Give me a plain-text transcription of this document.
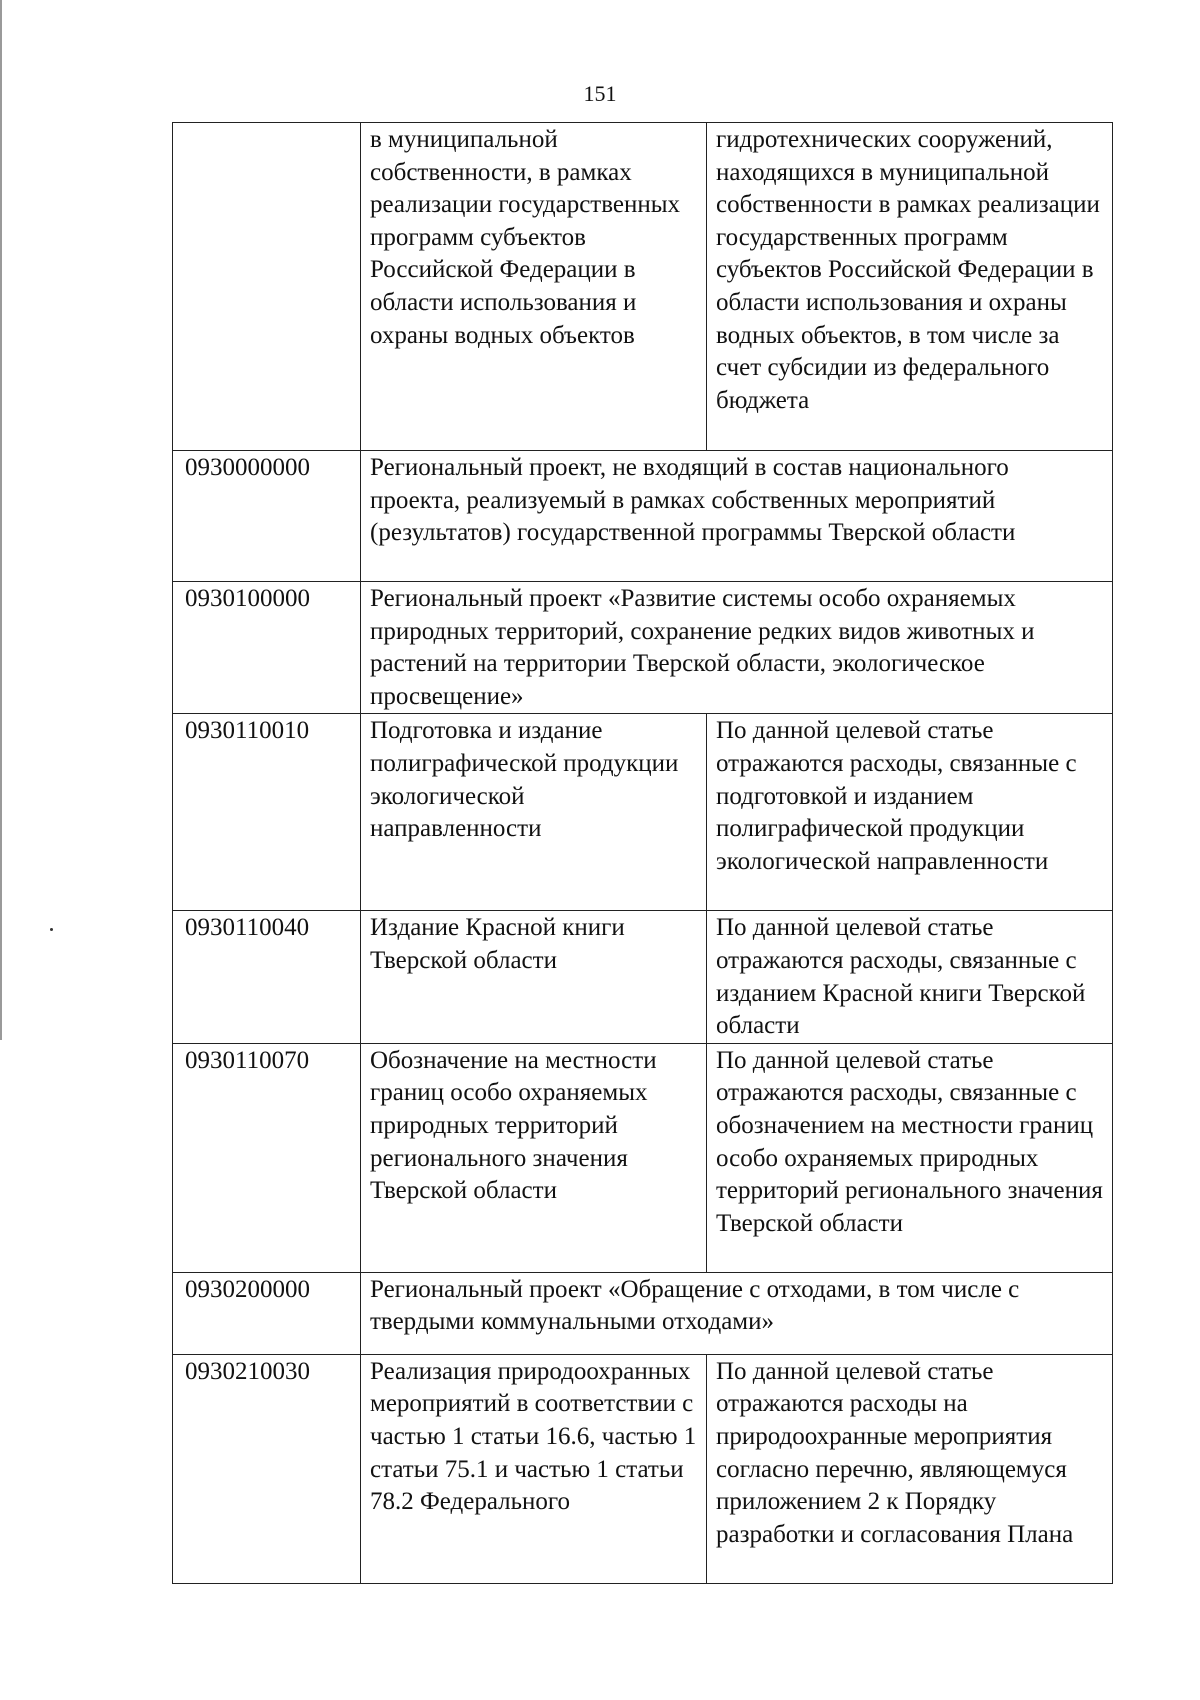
151
	в муниципальной собственности, в рамках реализации государственных программ субъектов Российской Федерации в области использования и охраны водных объектов	гидротехнических сооружений, находящихся в муниципальной собственности в рамках реализации государственных программ субъектов Российской Федерации в области использования и охраны водных объектов, в том числе за счет субсидии из федерального бюджета
0930000000	Региональный проект, не входящий в состав национального проекта, реализуемый в рамках собственных мероприятий (результатов) государственной программы Тверской области	
0930100000	Региональный проект «Развитие системы особо охраняемых природных территорий, сохранение редких видов животных и растений на территории Тверской области, экологическое просвещение»	
0930110010	Подготовка и издание полиграфической продукции экологической направленности	По данной целевой статье отражаются расходы, связанные с подготовкой и изданием полиграфической продукции экологической направленности
0930110040	Издание Красной книги Тверской области	По данной целевой статье отражаются расходы, связанные с изданием Красной книги Тверской области
0930110070	Обозначение на местности границ особо охраняемых природных территорий регионального значения Тверской области	По данной целевой статье отражаются расходы, связанные с обозначением на местности границ особо охраняемых природных территорий регионального значения Тверской области
0930200000	Региональный проект «Обращение с отходами, в том числе с твердыми коммунальными отходами»	
0930210030	Реализация природоохранных мероприятий в соответствии с частью 1 статьи 16.6, частью 1 статьи 75.1 и частью 1 статьи 78.2 Федерального	По данной целевой статье отражаются расходы на природоохранные мероприятия согласно перечню, являющемуся приложением 2 к Порядку разработки и согласования Плана
